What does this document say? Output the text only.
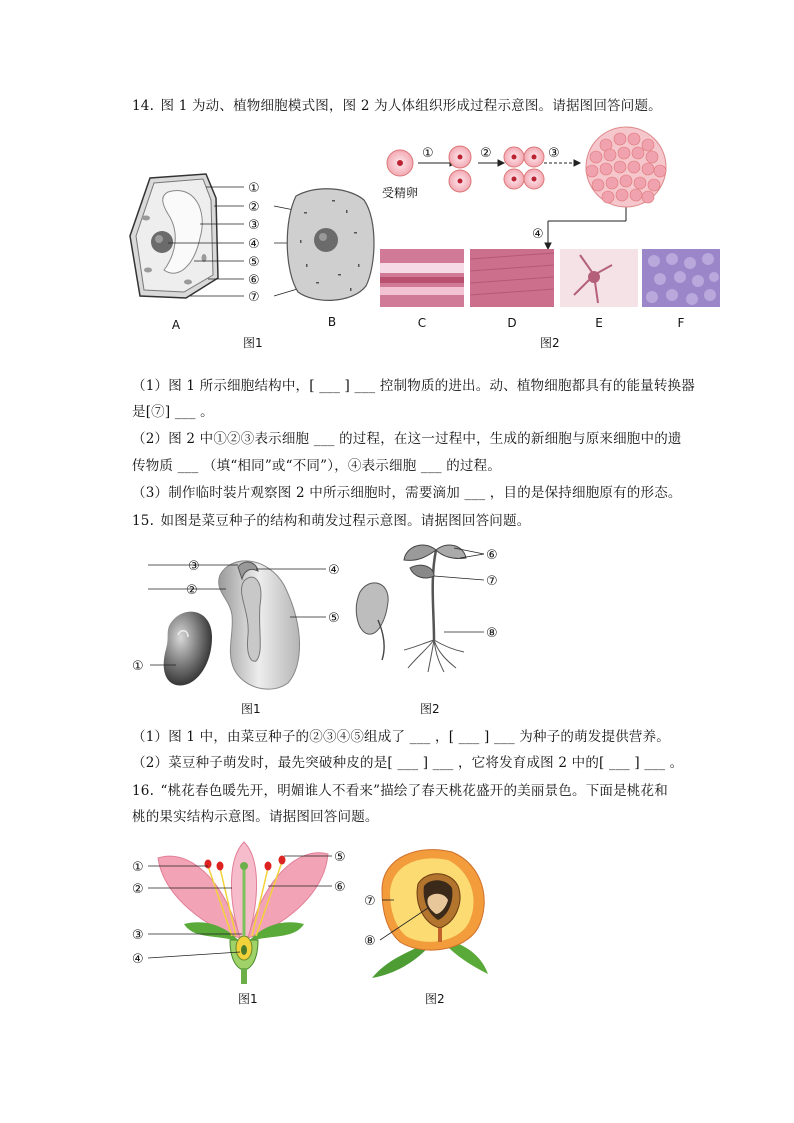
14. 图 1 为动、植物细胞模式图，图 2 为人体组织形成过程示意图。请据图回答问题。
A
①
②
③
④
⑤
⑥
⑦
B
图1
受精卵
①	②	③
④
C	D	E	F
图2
（1）图 1 所示细胞结构中，[ ___ ] ___ 控制物质的进出。动、植物细胞都具有的能量转换器
是[⑦] ___ 。
（2）图 2 中①②③表示细胞 ___ 的过程，在这一过程中，生成的新细胞与原来细胞中的遗
传物质 ___ （填“相同”或“不同”），④表示细胞 ___ 的过程。
（3）制作临时装片观察图 2 中所示细胞时，需要滴加 ___ ，目的是保持细胞原有的形态。
15. 如图是菜豆种子的结构和萌发过程示意图。请据图回答问题。
③
②
④
⑤
①
图1
⑥
⑦
⑧
图2
（1）图 1 中，由菜豆种子的②③④⑤组成了 ___ ，[ ___ ] ___ 为种子的萌发提供营养。
（2）菜豆种子萌发时，最先突破种皮的是[ ___ ] ___ ，它将发育成图 2 中的[ ___ ] ___ 。
16. “桃花春色暖先开，明媚谁人不看来”描绘了春天桃花盛开的美丽景色。下面是桃花和
桃的果实结构示意图。请据图回答问题。
①
②
③
④
⑤
⑥
图1
⑦
⑧
图2
